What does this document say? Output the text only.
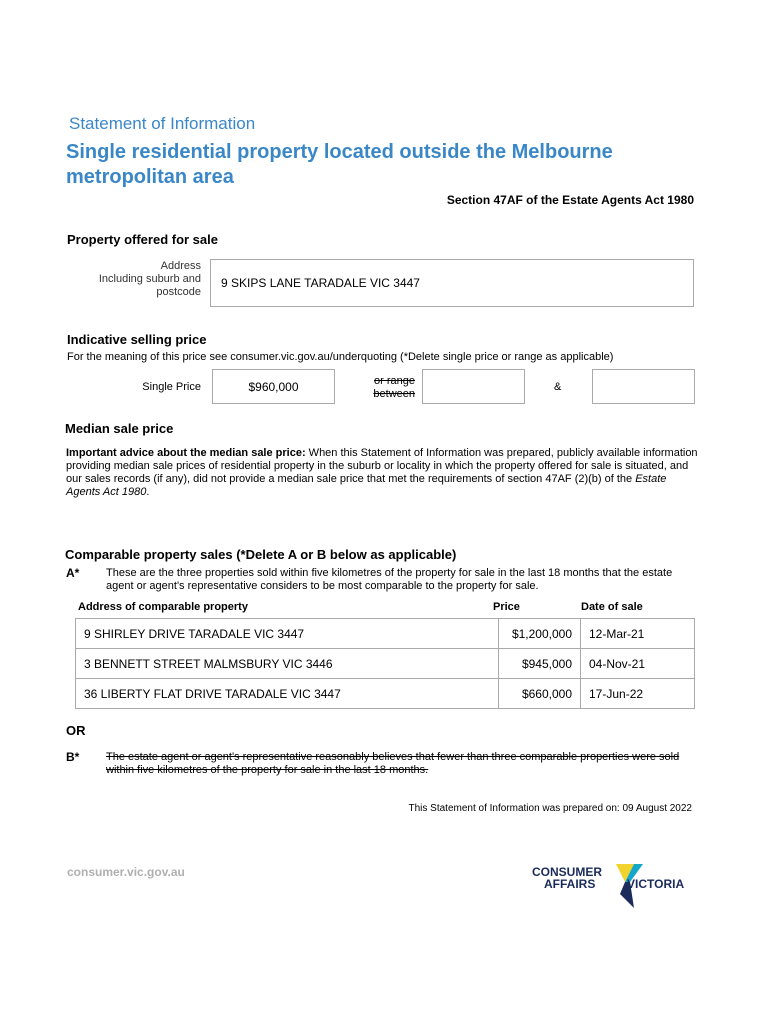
Statement of Information
Single residential property located outside the Melbourne metropolitan area
Section 47AF of the Estate Agents Act 1980
Property offered for sale
Address
Including suburb and
postcode
9 SKIPS LANE TARADALE VIC 3447
Indicative selling price
For the meaning of this price see consumer.vic.gov.au/underquoting (*Delete single price or range as applicable)
Single Price	$960,000	or range
between
&
Median sale price
Important advice about the median sale price: When this Statement of Information was prepared, publicly available information providing median sale prices of residential property in the suburb or locality in which the property offered for sale is situated, and our sales records (if any), did not provide a median sale price that met the requirements of section 47AF (2)(b) of the Estate Agents Act 1980.
Comparable property sales (*Delete A or B below as applicable)
A* These are the three properties sold within five kilometres of the property for sale in the last 18 months that the estate agent or agent's representative considers to be most comparable to the property for sale.
Address of comparable property	Price	Date of sale
9 SHIRLEY DRIVE TARADALE VIC 3447	$1,200,000	12-Mar-21
3 BENNETT STREET MALMSBURY VIC 3446	$945,000	04-Nov-21
36 LIBERTY FLAT DRIVE TARADALE VIC 3447	$660,000	17-Jun-22
OR
B* The estate agent or agent's representative reasonably believes that fewer than three comparable properties were sold within five kilometres of the property for sale in the last 18 months.
This Statement of Information was prepared on: 09 August 2022
consumer.vic.gov.au	CONSUMER
AFFAIRS	VICTORIA
